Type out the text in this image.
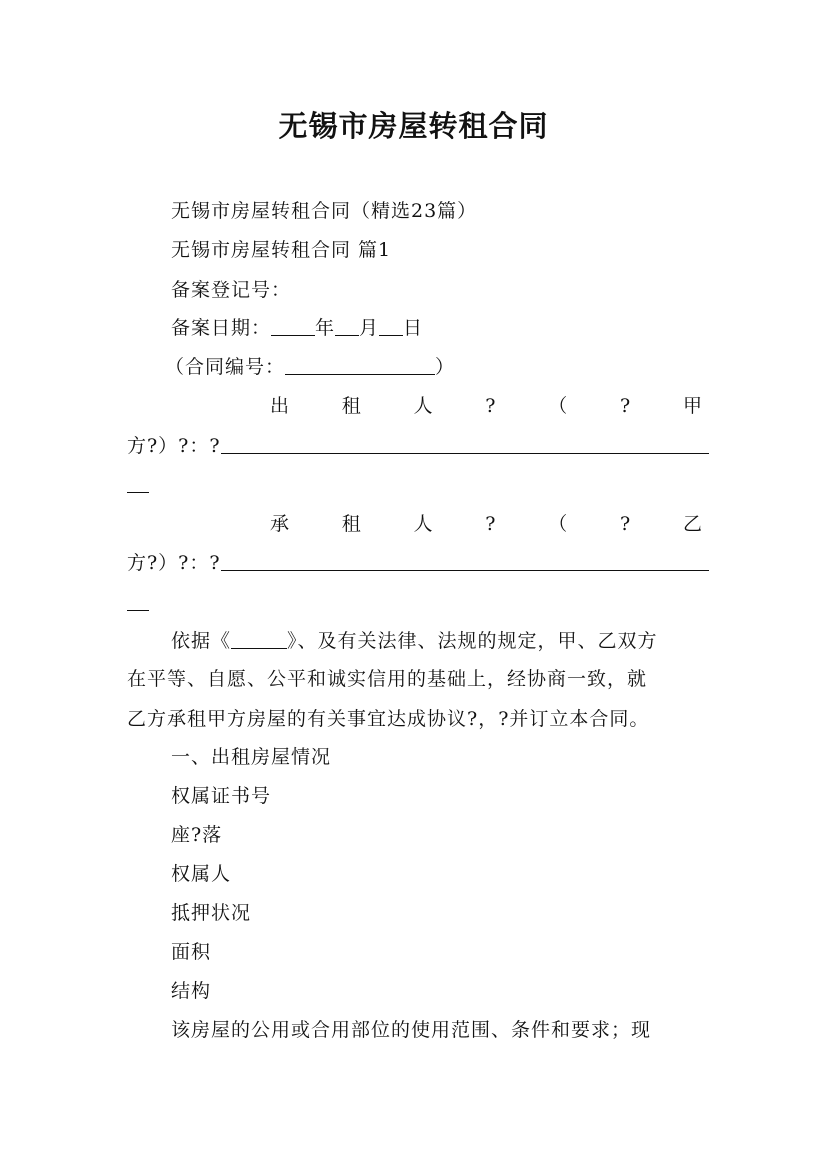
无锡市房屋转租合同
无锡市房屋转租合同（精选23篇）
无锡市房屋转租合同 篇1
备案登记号：
备案日期： 年 月 日
（合同编号：	）
出	租	人	?	（	?	甲
方?）?：?
承	租	人	?	（	?	乙
方?）?：?
依据《	》、及有关法律、法规的规定，甲、乙双方
在平等、自愿、公平和诚实信用的基础上，经协商一致，就
乙方承租甲方房屋的有关事宜达成协议?，?并订立本合同。
一、出租房屋情况
权属证书号
座?落
权属人
抵押状况
面积
结构
该房屋的公用或合用部位的使用范围、条件和要求；现
